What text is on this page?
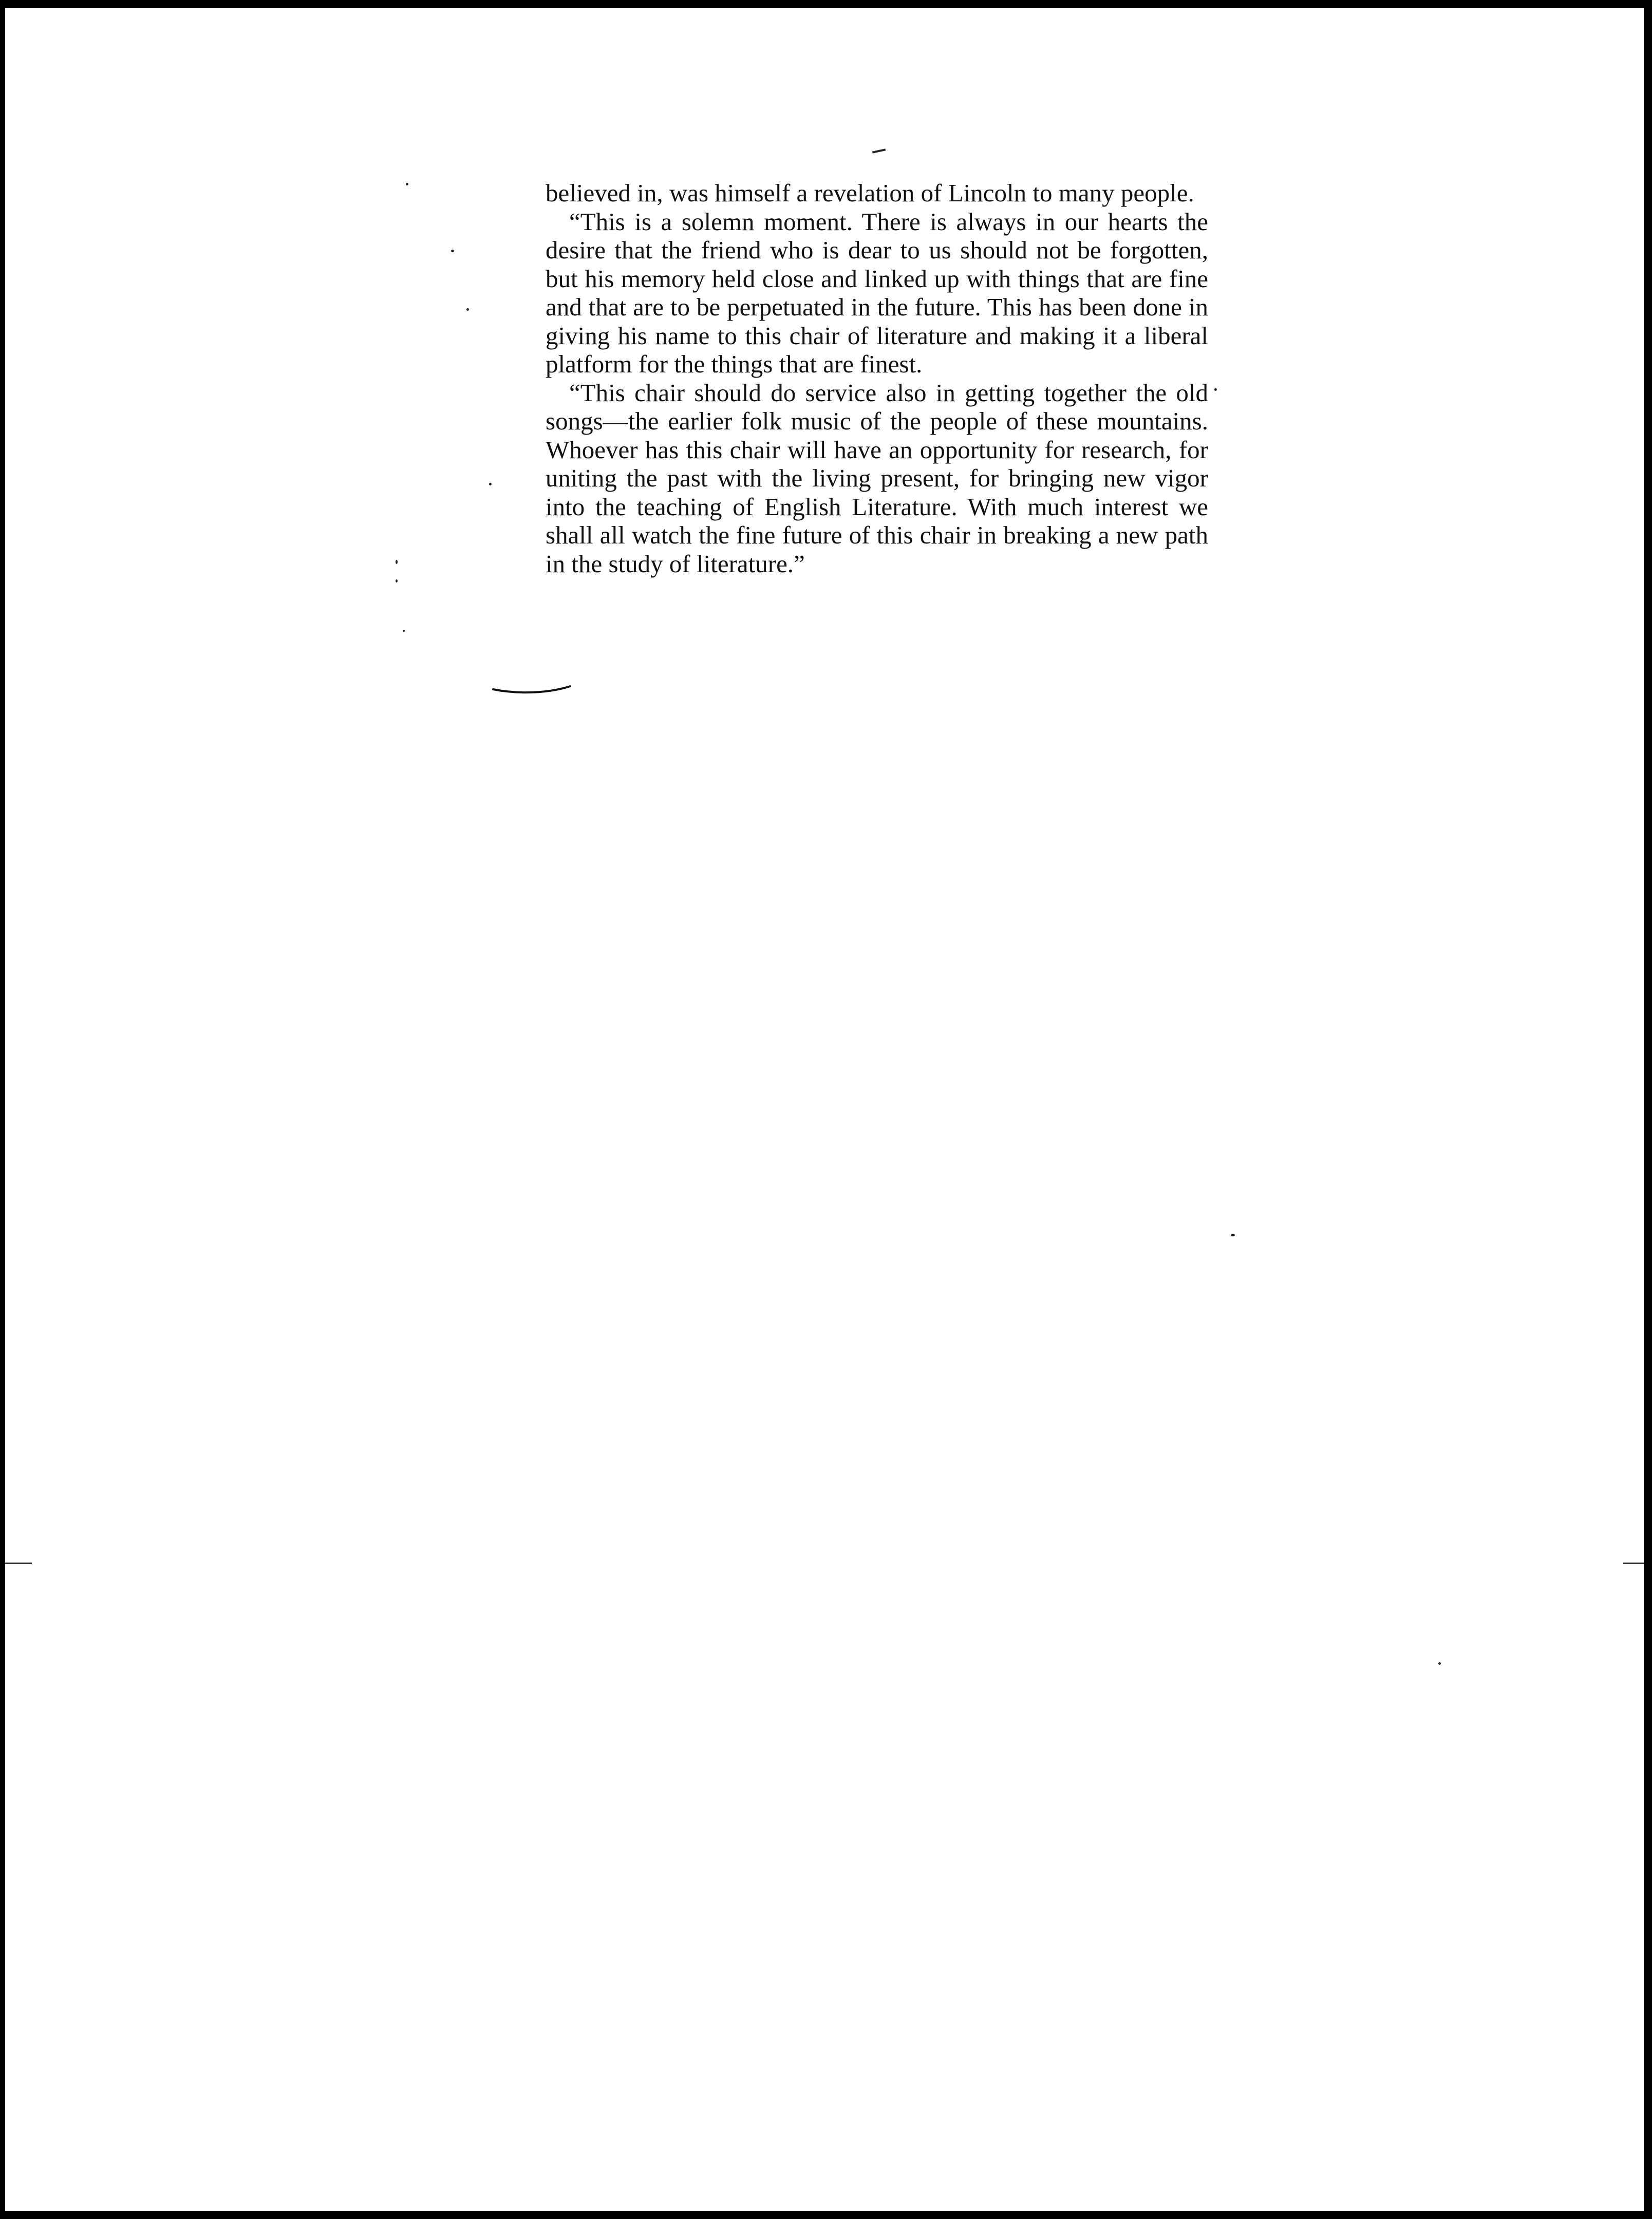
believed in, was himself a revelation of Lincoln to many people.

“This is a solemn moment. There is always in our hearts the desire that the friend who is dear to us should not be forgotten, but his memory held close and linked up with things that are fine and that are to be perpetuated in the future. This has been done in giving his name to this chair of literature and making it a liberal platform for the things that are finest.

“This chair should do service also in getting together the old songs—the earlier folk music of the people of these mountains. Whoever has this chair will have an opportunity for research, for uniting the past with the living present, for bringing new vigor into the teaching of English Literature. With much interest we shall all watch the fine future of this chair in breaking a new path in the study of literature.”
